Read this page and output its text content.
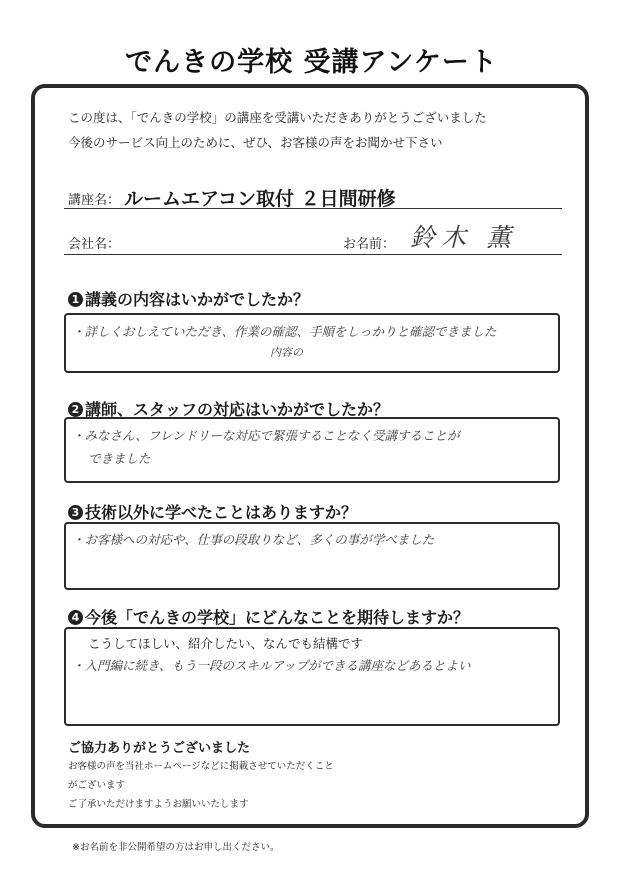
でんきの学校 受講アンケート
この度は、「でんきの学校」の講座を受講いただきありがとうございました
今後のサービス向上のために、ぜひ、お客様の声をお聞かせ下さい
講座名： ルームエアコン取付 ２日間研修
会社名：	お名前： 鈴木 薫
1 講義の内容はいかがでしたか？
・詳しくおしえていただき、作業の確認、手順をしっかりと確認できました
内容の
2 講師、スタッフの対応はいかがでしたか？
・みなさん、フレンドリーな対応で緊張することなく受講することが
できました
3 技術以外に学べたことはありますか？
・お客様への対応や、仕事の段取りなど、多くの事が学べました
4 今後「でんきの学校」にどんなことを期待しますか？
こうしてほしい、紹介したい、なんでも結構です
・入門編に続き、もう一段のスキルアップができる講座などあるとよい
ご協力ありがとうございました
お客様の声を当社ホームページなどに掲載させていただくこと
がございます
ご了承いただけますようお願いいたします
※お名前を非公開希望の方はお申し出ください。
